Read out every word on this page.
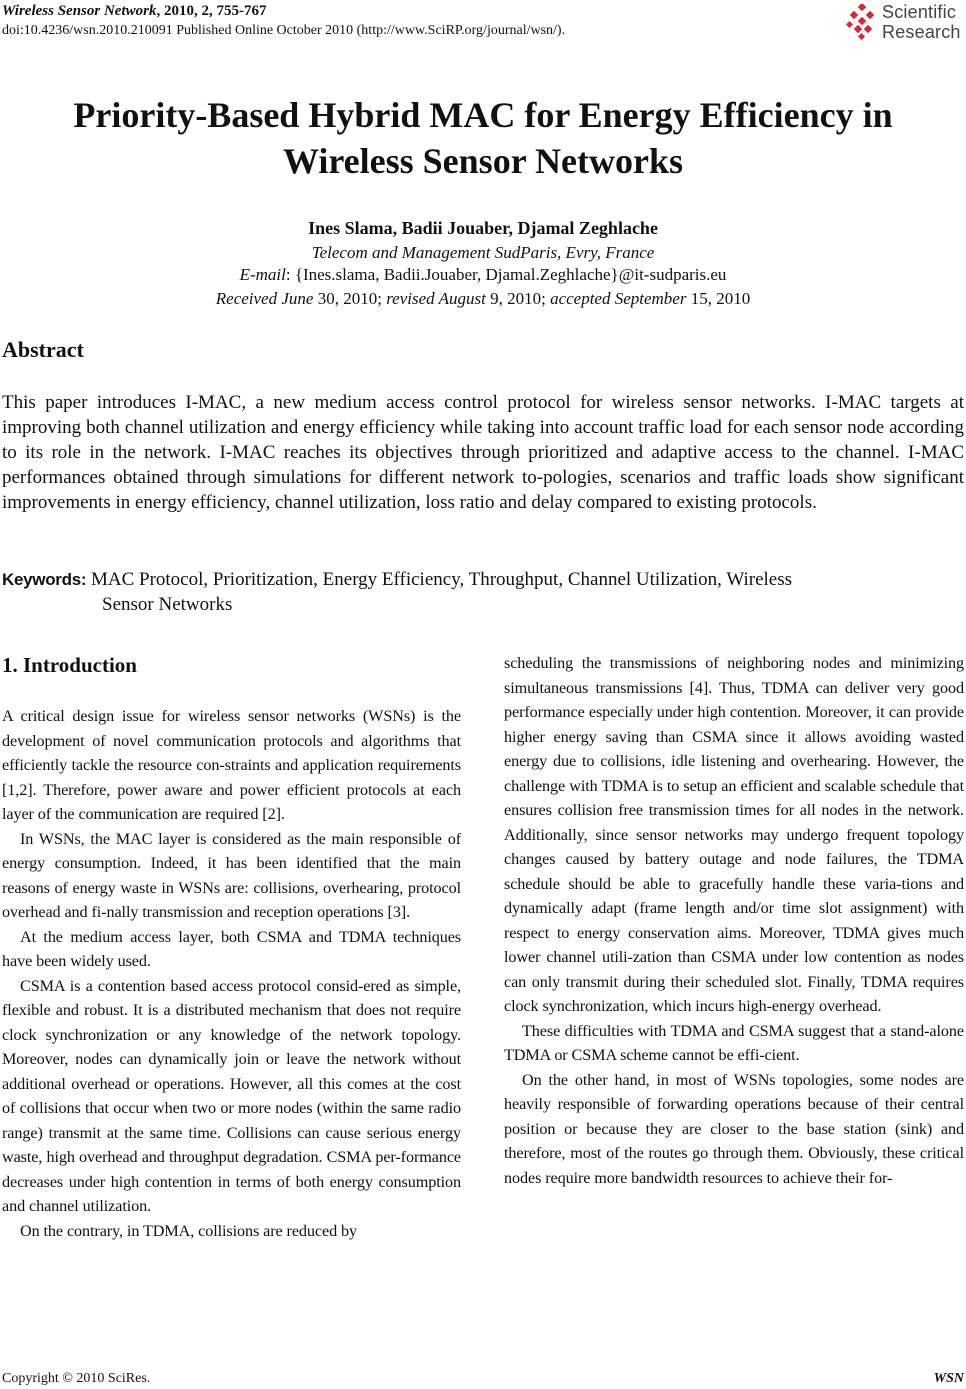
Wireless Sensor Network, 2010, 2, 755-767
doi:10.4236/wsn.2010.210091 Published Online October 2010 (http://www.SciRP.org/journal/wsn/).
Scientific
Research
Priority-Based Hybrid MAC for Energy Efficiency in
Wireless Sensor Networks
Ines Slama, Badii Jouaber, Djamal Zeghlache
Telecom and Management SudParis, Evry, France
E-mail: {Ines.slama, Badii.Jouaber, Djamal.Zeghlache}@it-sudparis.eu
Received June 30, 2010; revised August 9, 2010; accepted September 15, 2010
Abstract
This paper introduces I-MAC, a new medium access control protocol for wireless sensor networks. I-MAC targets at improving both channel utilization and energy efficiency while taking into account traffic load for each sensor node according to its role in the network. I-MAC reaches its objectives through prioritized and adaptive access to the channel. I-MAC performances obtained through simulations for different network to-pologies, scenarios and traffic loads show significant improvements in energy efficiency, channel utilization, loss ratio and delay compared to existing protocols.
Keywords: MAC Protocol, Prioritization, Energy Efficiency, Throughput, Channel Utilization, Wireless
Sensor Networks
1. Introduction

A critical design issue for wireless sensor networks (WSNs) is the development of novel communication protocols and algorithms that efficiently tackle the resource con-straints and application requirements [1,2]. Therefore, power aware and power efficient protocols at each layer of the communication are required [2].

In WSNs, the MAC layer is considered as the main responsible of energy consumption. Indeed, it has been identified that the main reasons of energy waste in WSNs are: collisions, overhearing, protocol overhead and fi-nally transmission and reception operations [3].

At the medium access layer, both CSMA and TDMA techniques have been widely used.

CSMA is a contention based access protocol consid-ered as simple, flexible and robust. It is a distributed mechanism that does not require clock synchronization or any knowledge of the network topology. Moreover, nodes can dynamically join or leave the network without additional overhead or operations. However, all this comes at the cost of collisions that occur when two or more nodes (within the same radio range) transmit at the same time. Collisions can cause serious energy waste, high overhead and throughput degradation. CSMA per-formance decreases under high contention in terms of both energy consumption and channel utilization.

On the contrary, in TDMA, collisions are reduced by

scheduling the transmissions of neighboring nodes and minimizing simultaneous transmissions [4]. Thus, TDMA can deliver very good performance especially under high contention. Moreover, it can provide higher energy saving than CSMA since it allows avoiding wasted energy due to collisions, idle listening and overhearing. However, the challenge with TDMA is to setup an efficient and scalable schedule that ensures collision free transmission times for all nodes in the network. Additionally, since sensor networks may undergo frequent topology changes caused by battery outage and node failures, the TDMA schedule should be able to gracefully handle these varia-tions and dynamically adapt (frame length and/or time slot assignment) with respect to energy conservation aims. Moreover, TDMA gives much lower channel utili-zation than CSMA under low contention as nodes can only transmit during their scheduled slot. Finally, TDMA requires clock synchronization, which incurs high-energy overhead.

These difficulties with TDMA and CSMA suggest that a stand-alone TDMA or CSMA scheme cannot be effi-cient.

On the other hand, in most of WSNs topologies, some nodes are heavily responsible of forwarding operations because of their central position or because they are closer to the base station (sink) and therefore, most of the routes go through them. Obviously, these critical nodes require more bandwidth resources to achieve their for-

Copyright © 2010 SciRes.	WSN
